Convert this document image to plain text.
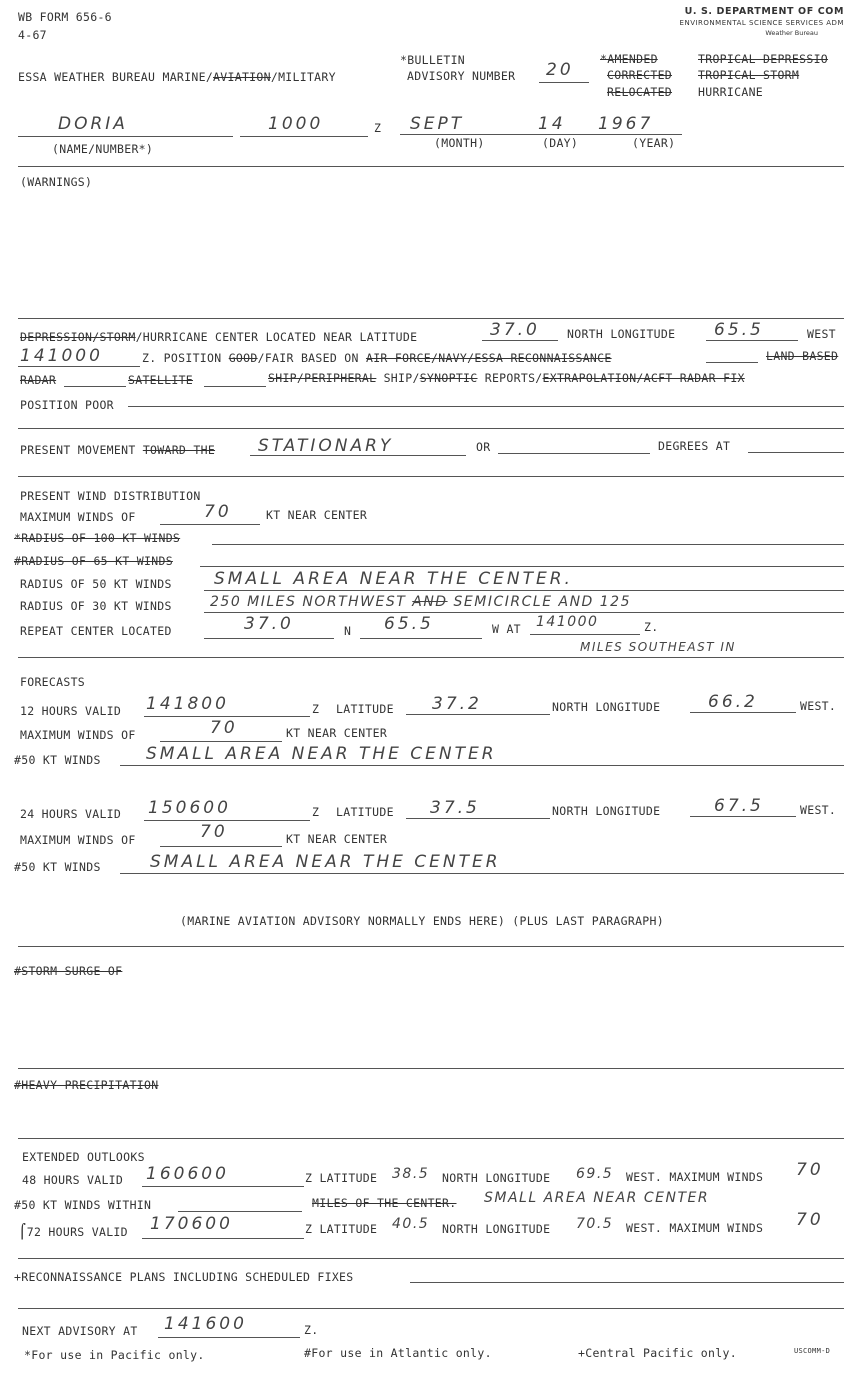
WB FORM 656-6
4-67
U. S. DEPARTMENT OF COM
ENVIRONMENTAL SCIENCE SERVICES ADM
Weather Bureau
ESSA WEATHER BUREAU MARINE/AVIATION/MILITARY
*BULLETIN
ADVISORY NUMBER 20
*AMENDED
CORRECTED
RELOCATED
TROPICAL DEPRESSIO
TROPICAL STORM
HURRICANE
DORIA	1000	Z SEPT	14 1967
(NAME/NUMBER*)	(MONTH)	(DAY)	(YEAR)
(WARNINGS)
DEPRESSION/STORM/HURRICANE CENTER LOCATED NEAR LATITUDE	37.0 NORTH LONGITUDE 65.5	WEST
141000	Z. POSITION GOOD/FAIR BASED ON AIR FORCE/NAVY/ESSA RECONNAISSANCE	LAND BASED
RADAR	SATELLITE	SHIP/PERIPHERAL SHIP/SYNOPTIC REPORTS/EXTRAPOLATION/ACFT RADAR FIX
POSITION POOR
PRESENT MOVEMENT TOWARD THE	STATIONARY	OR	DEGREES AT
PRESENT WIND DISTRIBUTION
MAXIMUM WINDS OF	70	KT NEAR CENTER
*RADIUS OF 100 KT WINDS
#RADIUS OF 65 KT WINDS
RADIUS OF 50 KT WINDS SMALL AREA NEAR THE CENTER.
RADIUS OF 30 KT WINDS	250 MILES NORTHWEST AND SEMICIRCLE AND 125
REPEAT CENTER LOCATED	37.0	N 65.5	W AT 141000	Z.
MILES SOUTHEAST IN
FORECASTS
12 HOURS VALID 141800	Z LATITUDE 37.2	NORTH LONGITUDE	66.2	WEST.
MAXIMUM WINDS OF	70	KT NEAR CENTER
#50 KT WINDS	SMALL AREA NEAR THE CENTER
24 HOURS VALID 150600	Z LATITUDE 37.5	NORTH LONGITUDE	67.5	WEST.
MAXIMUM WINDS OF	70	KT NEAR CENTER
#50 KT WINDS	SMALL AREA NEAR THE CENTER
(MARINE AVIATION ADVISORY NORMALLY ENDS HERE) (PLUS LAST PARAGRAPH)
#STORM SURGE OF
#HEAVY PRECIPITATION
EXTENDED OUTLOOKS
48 HOURS VALID 160600	Z LATITUDE 38.5 NORTH LONGITUDE 69.5 WEST. MAXIMUM WINDS 70
#50 KT WINDS WITHIN	MILES OF THE CENTER. SMALL AREA NEAR CENTER
⌠72 HOURS VALID 170600	Z LATITUDE 40.5 NORTH LONGITUDE 70.5 WEST. MAXIMUM WINDS 70
+RECONNAISSANCE PLANS INCLUDING SCHEDULED FIXES
NEXT ADVISORY AT 141600	Z.
*For use in Pacific only.	#For use in Atlantic only.	+Central Pacific only.	USCOMM-D
